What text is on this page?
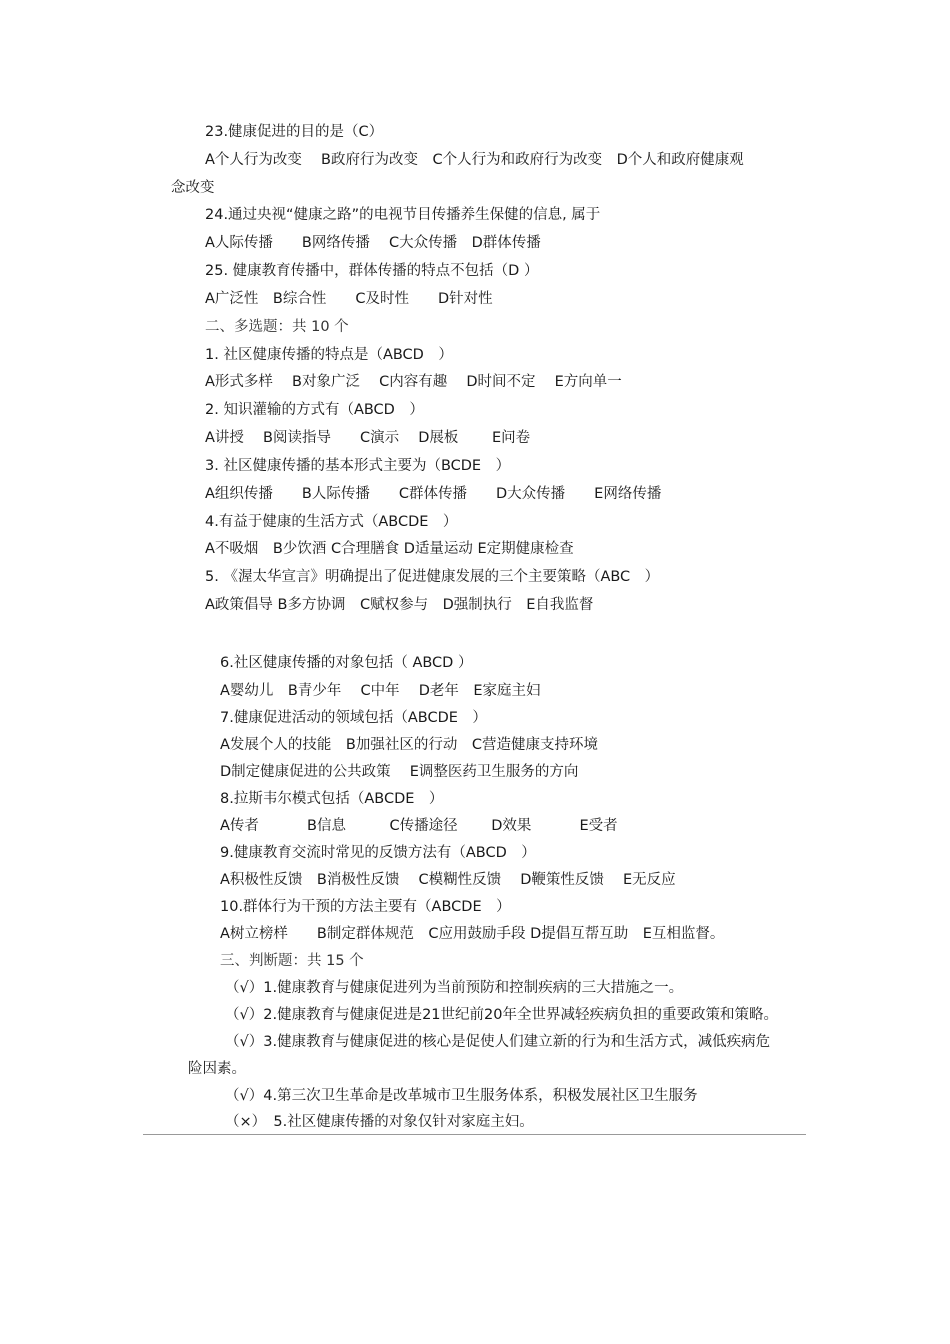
23.健康促进的目的是（C）
A个人行为改变　 B政府行为改变　C个人行为和政府行为改变　D个人和政府健康观
念改变
24.通过央视“健康之路”的电视节目传播养生保健的信息, 属于
A人际传播　　B网络传播　 C大众传播　D群体传播
25. 健康教育传播中，群体传播的特点不包括（D ）
A广泛性　B综合性　　C及时性　　D针对性
二、多选题：共 10 个
1. 社区健康传播的特点是（ABCD　）
A形式多样　 B对象广泛　 C内容有趣　 D时间不定　 E方向单一
2. 知识灌输的方式有（ABCD　）
A讲授　 B阅读指导　　C演示　 D展板　　 E问卷
3. 社区健康传播的基本形式主要为（BCDE　）
A组织传播　　B人际传播　　C群体传播　　D大众传播　　E网络传播
4.有益于健康的生活方式（ABCDE　）
A不吸烟　B少饮酒 C合理膳食 D适量运动 E定期健康检查
5. 《渥太华宣言》明确提出了促进健康发展的三个主要策略（ABC　）
A政策倡导 B多方协调　C赋权参与　D强制执行　E自我监督
6.社区健康传播的对象包括（ ABCD ）
A婴幼儿　B青少年　 C中年　 D老年　E家庭主妇
7.健康促进活动的领域包括（ABCDE　）
A发展个人的技能　B加强社区的行动　C营造健康支持环境
D制定健康促进的公共政策　 E调整医药卫生服务的方向
8.拉斯韦尔模式包括（ABCDE　）
A传者　　　 B信息　　　C传播途径　　 D效果　　　 E受者
9.健康教育交流时常见的反馈方法有（ABCD　）
A积极性反馈　B消极性反馈　 C模糊性反馈　 D鞭策性反馈　 E无反应
10.群体行为干预的方法主要有（ABCDE　）
A树立榜样　　B制定群体规范　C应用鼓励手段 D提倡互帮互助　E互相监督。
三、判断题：共 15 个
（√）1.健康教育与健康促进列为当前预防和控制疾病的三大措施之一。
（√）2.健康教育与健康促进是21世纪前20年全世界减轻疾病负担的重要政策和策略。
（√）3.健康教育与健康促进的核心是促使人们建立新的行为和生活方式，减低疾病危
险因素。
（√）4.第三次卫生革命是改革城市卫生服务体系，积极发展社区卫生服务
（×）　5.社区健康传播的对象仅针对家庭主妇。
